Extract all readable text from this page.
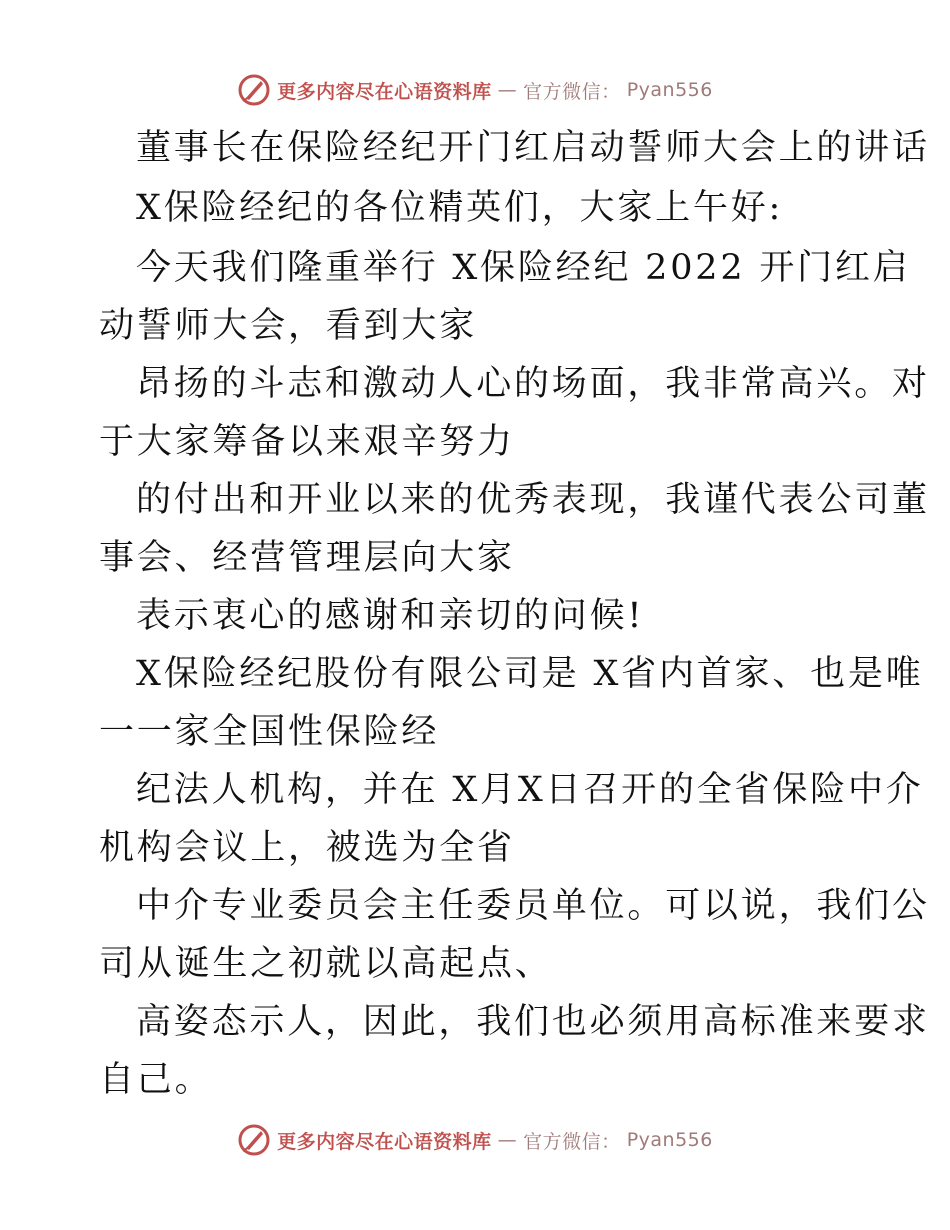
更多内容尽在心语资料库 — 官方微信： Pyan556
董事长在保险经纪开门红启动誓师大会上的讲话
X保险经纪的各位精英们，大家上午好:
今天我们隆重举行 X保险经纪 2022 开门红启
动誓师大会，看到大家
昂扬的斗志和激动人心的场面，我非常高兴。对
于大家筹备以来艰辛努力
的付出和开业以来的优秀表现，我谨代表公司董
事会、经营管理层向大家
表示衷心的感谢和亲切的问候!
X保险经纪股份有限公司是 X省内首家、也是唯
一一家全国性保险经
纪法人机构，并在 X月X日召开的全省保险中介
机构会议上，被选为全省
中介专业委员会主任委员单位。可以说，我们公
司从诞生之初就以高起点、
高姿态示人，因此，我们也必须用高标准来要求
自己。
更多内容尽在心语资料库 — 官方微信： Pyan556
